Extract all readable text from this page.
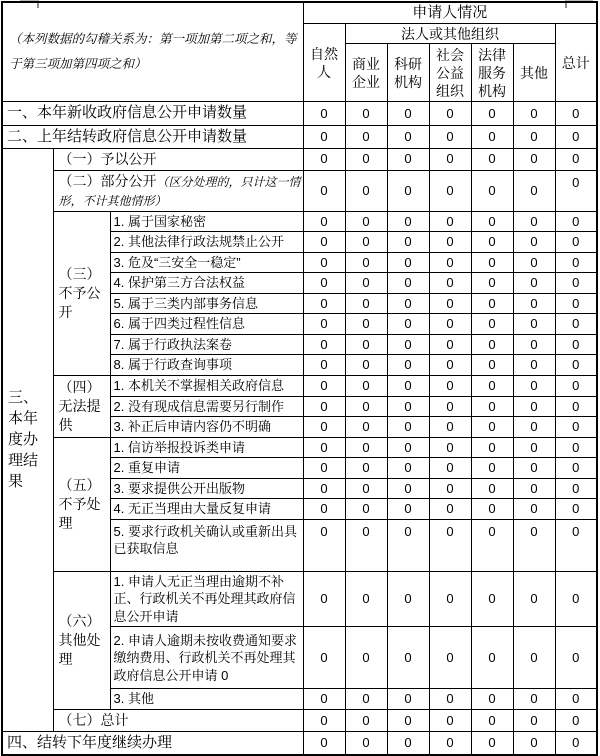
（本列数据的勾稽关系为：第一项加第二项之和，等于第三项加第四项之和）			申请人情况						
			自然人	法人或其他组织					总计
				商业企业	科研机构	社会公益组织	法律服务机构	其他	
一、本年新收政府信息公开申请数量			0	0	0	0	0	0	0
二、上年结转政府信息公开申请数量			0	0	0	0	0	0	0
三、本年度办理结果	（一）予以公开		0	0	0	0	0	0	0
	（二）部分公开（区分处理的，只计这一情形，不计其他情形）		0	0	0	0	0	0	0
	（三）不予公开	1. 属于国家秘密	0	0	0	0	0	0	0
		2. 其他法律行政法规禁止公开	0	0	0	0	0	0	0
		3. 危及“三安全一稳定”	0	0	0	0	0	0	0
		4. 保护第三方合法权益	0	0	0	0	0	0	0
		5. 属于三类内部事务信息	0	0	0	0	0	0	0
		6. 属于四类过程性信息	0	0	0	0	0	0	0
		7. 属于行政执法案卷	0	0	0	0	0	0	0
		8. 属于行政查询事项	0	0	0	0	0	0	0
	（四）无法提供	1. 本机关不掌握相关政府信息	0	0	0	0	0	0	0
		2. 没有现成信息需要另行制作	0	0	0	0	0	0	0
		3. 补正后申请内容仍不明确	0	0	0	0	0	0	0
	（五）不予处理	1. 信访举报投诉类申请	0	0	0	0	0	0	0
		2. 重复申请	0	0	0	0	0	0	0
		3. 要求提供公开出版物	0	0	0	0	0	0	0
		4. 无正当理由大量反复申请	0	0	0	0	0	0	0
		5. 要求行政机关确认或重新出具已获取信息	0	0	0	0	0	0	0
	（六）其他处理	1. 申请人无正当理由逾期不补正、行政机关不再处理其政府信息公开申请	0	0	0	0	0	0	0
		2. 申请人逾期未按收费通知要求缴纳费用、行政机关不再处理其政府信息公开申请 0	0	0	0	0	0	0	0
		3. 其他	0	0	0	0	0	0	0
	（七）总计		0	0	0	0	0	0	0
四、结转下年度继续办理			0	0	0	0	0	0	0
